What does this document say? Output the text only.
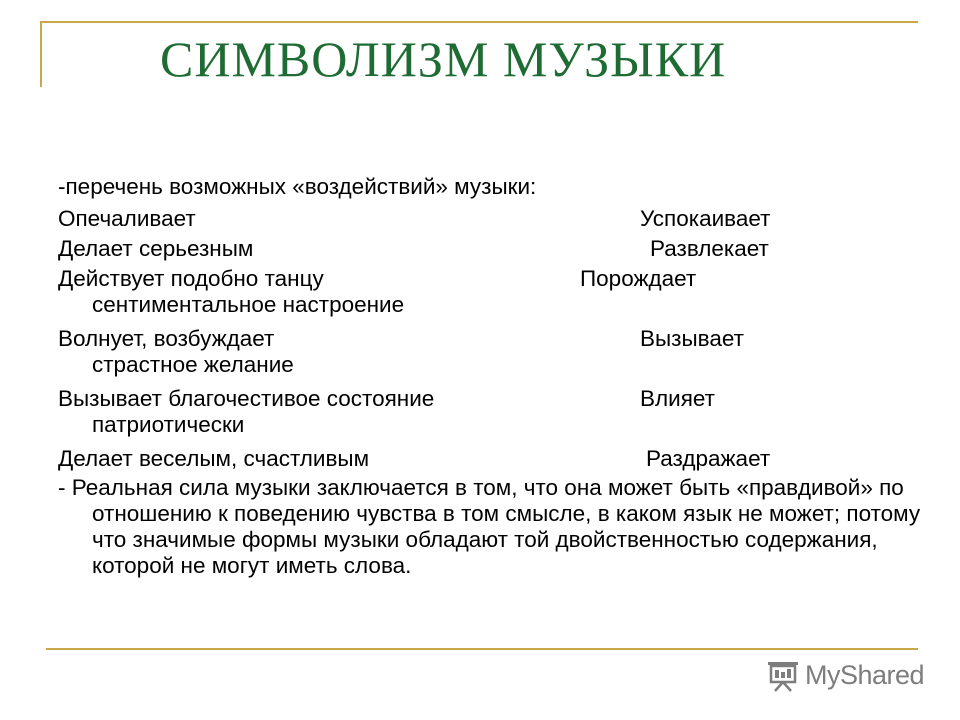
СИМВОЛИЗМ МУЗЫКИ
-перечень возможных «воздействий» музыки:
Опечаливает	Успокаивает
Делает серьезным	Развлекает
Действует подобно танцу	Порождает
сентиментальное настроение
Волнует, возбуждает	Вызывает
страстное желание
Вызывает благочестивое состояние	Влияет
патриотически
Делает веселым, счастливым	Раздражает
- Реальная сила музыки заключается в том, что она может быть «правдивой» по отношению к поведению чувства в том смысле, в каком язык не может; потому что значимые формы музыки обладают той двойственностью содержания, которой не могут иметь слова.
MyShared
